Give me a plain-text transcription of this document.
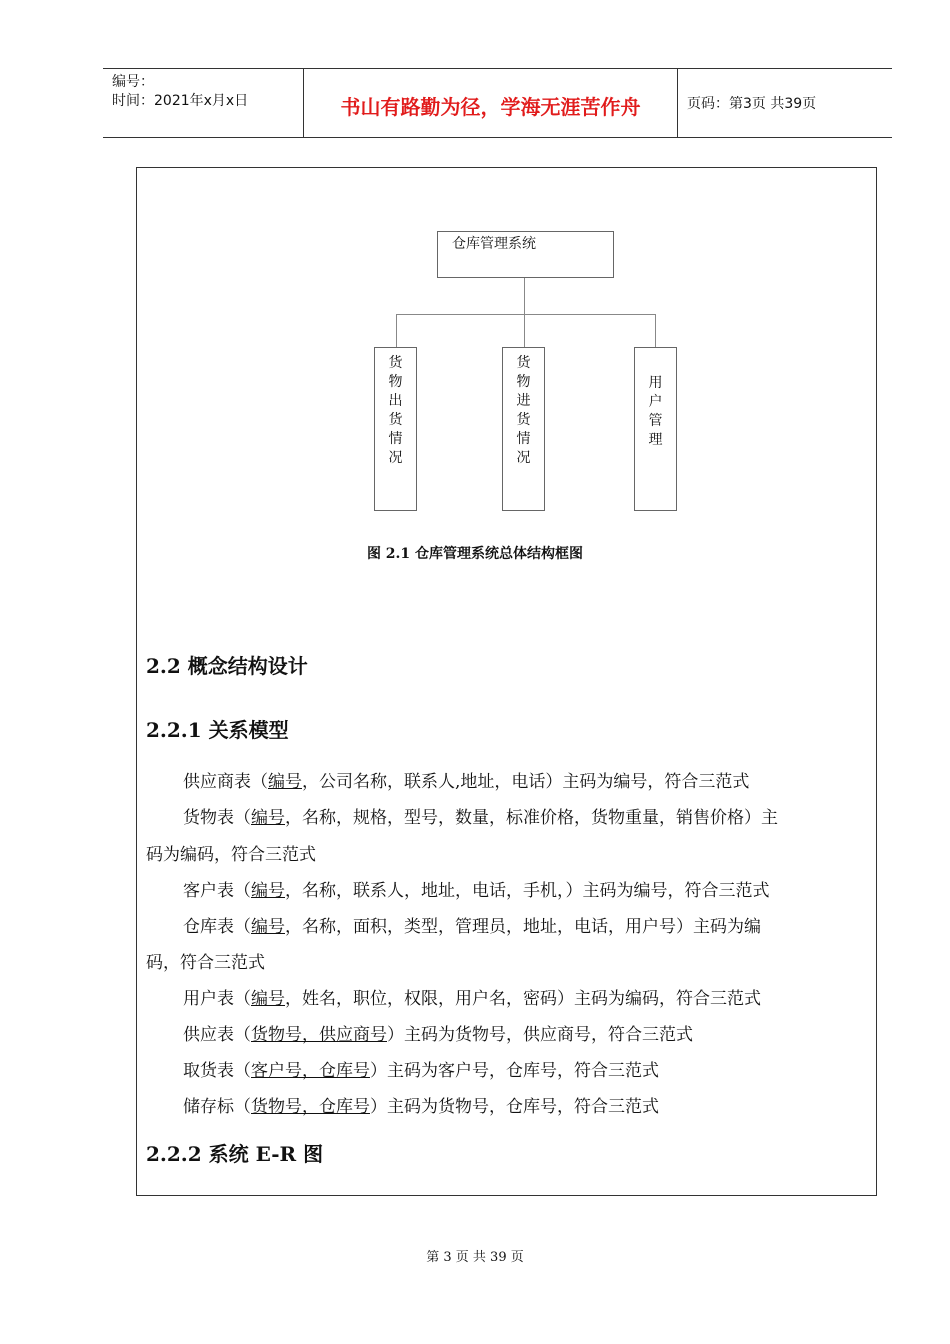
编号：
时间：2021年x月x日	书山有路勤为径，学海无涯苦作舟	页码：第3页 共39页
仓库管理系统
货物出货情况
货物进货情况
用户管理
图 2.1 仓库管理系统总体结构框图
2.2 概念结构设计
2.2.1 关系模型
供应商表（编号，公司名称，联系人,地址，电话）主码为编号，符合三范式
货物表（编号，名称，规格，型号，数量，标准价格，货物重量，销售价格）主
码为编码，符合三范式
客户表（编号，名称，联系人，地址，电话，手机，）主码为编号，符合三范式
仓库表（编号，名称，面积，类型，管理员，地址，电话，用户号）主码为编
码，符合三范式
用户表（编号，姓名，职位，权限，用户名，密码）主码为编码，符合三范式
供应表（货物号，供应商号）主码为货物号，供应商号，符合三范式
取货表（客户号，仓库号）主码为客户号，仓库号，符合三范式
储存标（货物号，仓库号）主码为货物号，仓库号，符合三范式
2.2.2 系统 E-R 图
第 3 页 共 39 页
